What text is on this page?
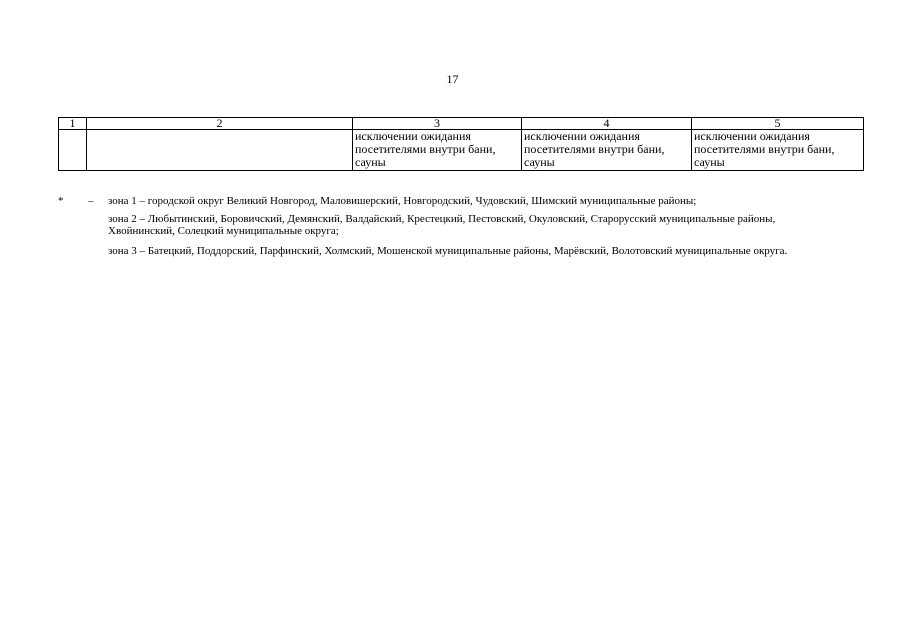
17
1	2	3	4	5
		исключении ожидания посетителями внутри бани, сауны	исключении ожидания посетителями внутри бани, сауны	исключении ожидания посетителями внутри бани, сауны
* – зона 1 – городской округ Великий Новгород, Маловишерский, Новгородский, Чудовский, Шимский муниципальные районы;
зона 2 – Любытинский, Боровичский, Демянский, Валдайский, Крестецкий, Пестовский, Окуловский, Старорусский муниципальные районы, Хвойнинский, Солецкий муниципальные округа;
зона 3 – Батецкий, Поддорский, Парфинский, Холмский, Мошенской муниципальные районы, Марёвский, Волотовский муниципальные округа.
